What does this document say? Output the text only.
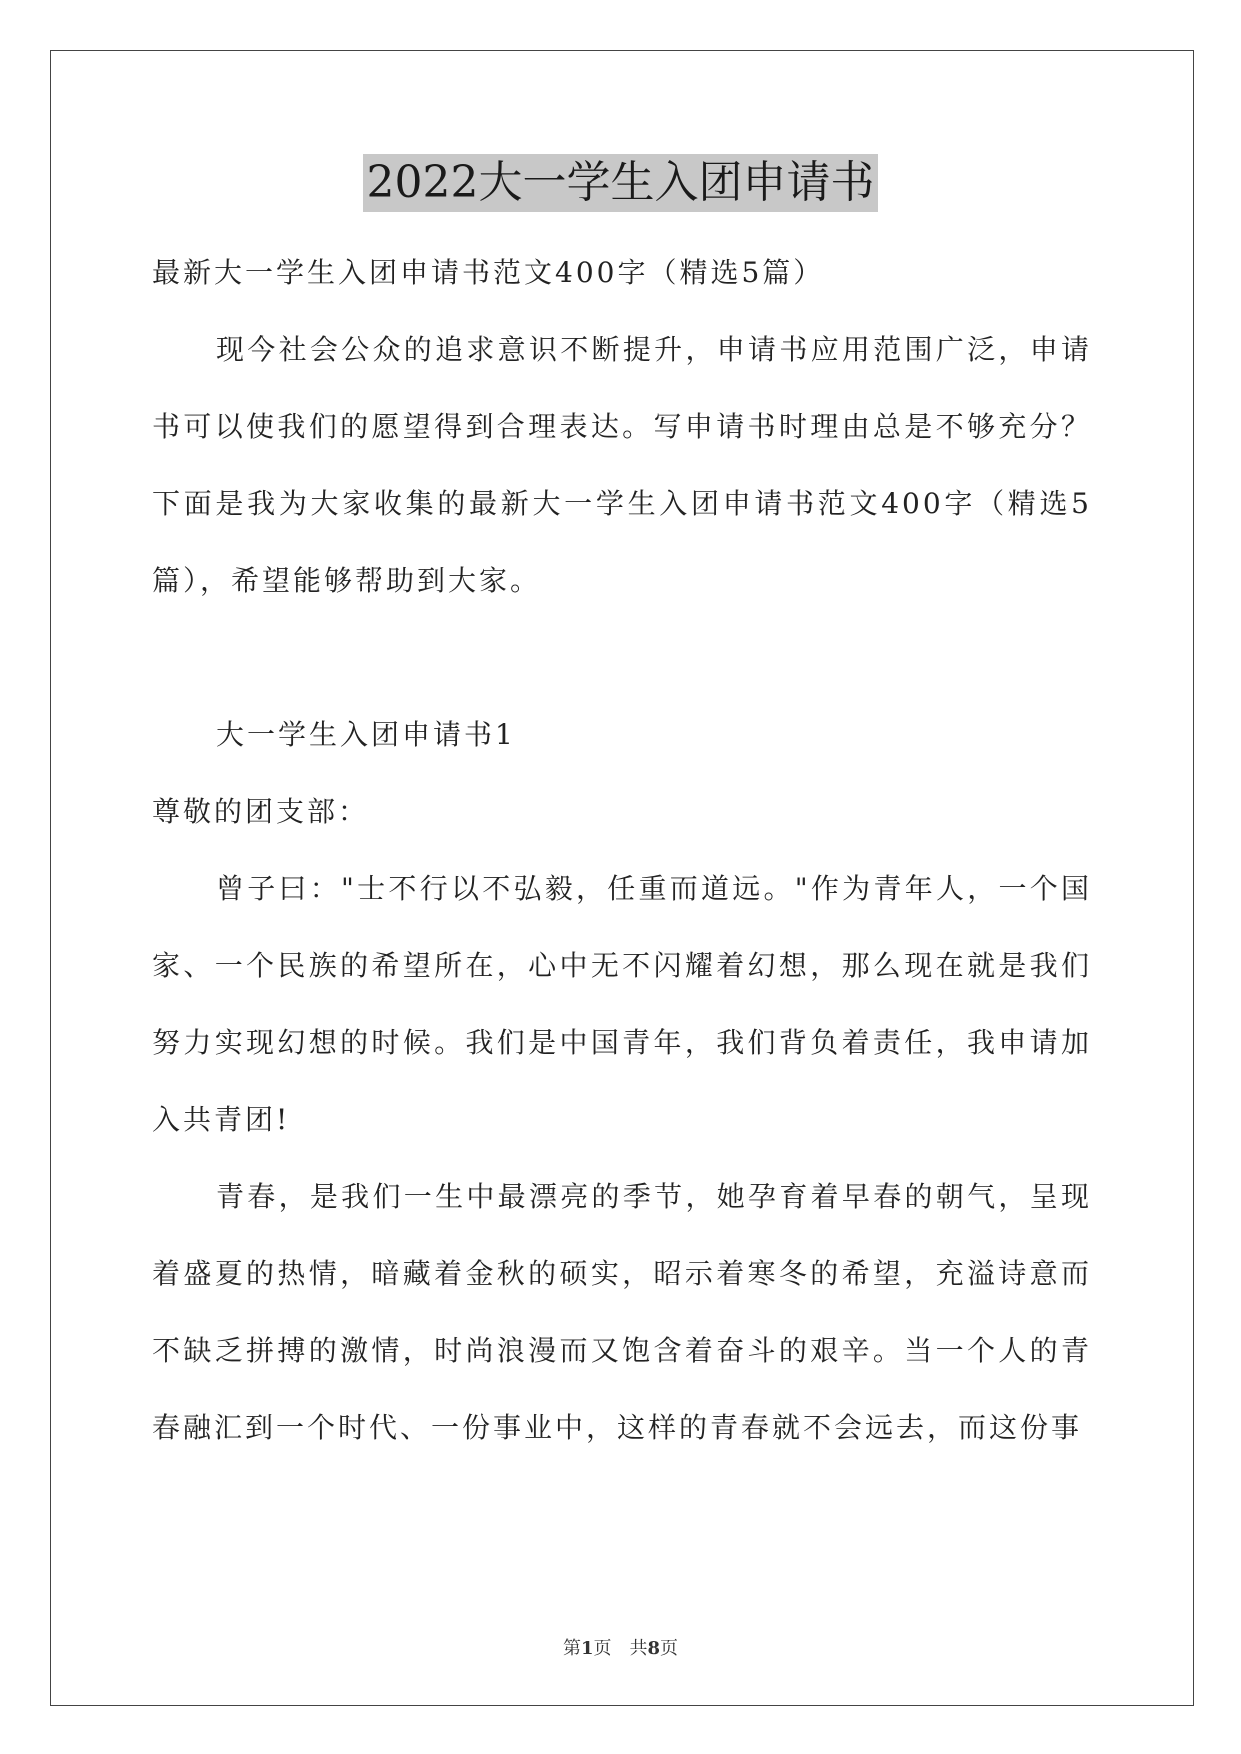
2022大一学生入团申请书

最新大一学生入团申请书范文400字（精选5篇）

现今社会公众的追求意识不断提升，申请书应用范围广泛，申请书可以使我们的愿望得到合理表达。写申请书时理由总是不够充分？下面是我为大家收集的最新大一学生入团申请书范文400字（精选5篇），希望能够帮助到大家。

大一学生入团申请书1

尊敬的团支部：

曾子曰："士不行以不弘毅，任重而道远。"作为青年人，一个国家、一个民族的希望所在，心中无不闪耀着幻想，那么现在就是我们努力实现幻想的时候。我们是中国青年，我们背负着责任，我申请加入共青团!

青春，是我们一生中最漂亮的季节，她孕育着早春的朝气，呈现着盛夏的热情，暗藏着金秋的硕实，昭示着寒冬的希望，充溢诗意而不缺乏拼搏的激情，时尚浪漫而又饱含着奋斗的艰辛。当一个人的青春融汇到一个时代、一份事业中，这样的青春就不会远去，而这份事

第1页　共8页
